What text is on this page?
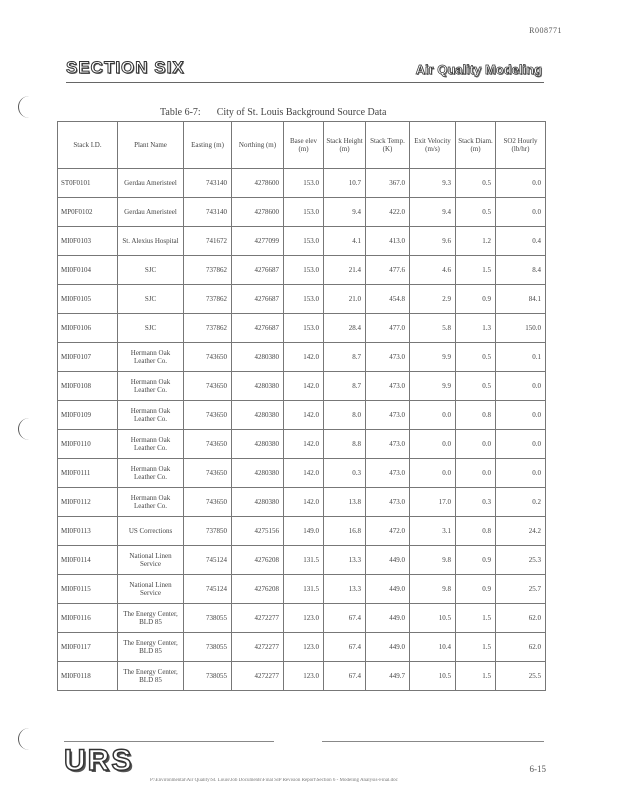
R008771
SECTION SIX	Air Quality Modeling
Table 6-7: City of St. Louis Background Source Data
Stack I.D.	Plant Name	Easting (m)	Northing (m)	Base elev (m)	Stack Height (m)	Stack Temp. (K)	Exit Velocity (m/s)	Stack Diam. (m)	SO2 Hourly (lb/hr)
ST0F0101	Gerdau Ameristeel	743140	4278600	153.0	10.7	367.0	9.3	0.5	0.0
MP0F0102	Gerdau Ameristeel	743140	4278600	153.0	9.4	422.0	9.4	0.5	0.0
MI0F0103	St. Alexius Hospital	741672	4277099	153.0	4.1	413.0	9.6	1.2	0.4
MI0F0104	SJC	737862	4276687	153.0	21.4	477.6	4.6	1.5	8.4
MI0F0105	SJC	737862	4276687	153.0	21.0	454.8	2.9	0.9	84.1
MI0F0106	SJC	737862	4276687	153.0	28.4	477.0	5.8	1.3	150.0
MI0F0107	Hermann Oak Leather Co.	743650	4280380	142.0	8.7	473.0	9.9	0.5	0.1
MI0F0108	Hermann Oak Leather Co.	743650	4280380	142.0	8.7	473.0	9.9	0.5	0.0
MI0F0109	Hermann Oak Leather Co.	743650	4280380	142.0	8.0	473.0	0.0	0.8	0.0
MI0F0110	Hermann Oak Leather Co.	743650	4280380	142.0	8.8	473.0	0.0	0.0	0.0
MI0F0111	Hermann Oak Leather Co.	743650	4280380	142.0	0.3	473.0	0.0	0.0	0.0
MI0F0112	Hermann Oak Leather Co.	743650	4280380	142.0	13.8	473.0	17.0	0.3	0.2
MI0F0113	US Corrections	737850	4275156	149.0	16.8	472.0	3.1	0.8	24.2
MI0F0114	National Linen Service	745124	4276208	131.5	13.3	449.0	9.8	0.9	25.3
MI0F0115	National Linen Service	745124	4276208	131.5	13.3	449.0	9.8	0.9	25.7
MI0F0116	The Energy Center, BLD 85	738055	4272277	123.0	67.4	449.0	10.5	1.5	62.0
MI0F0117	The Energy Center, BLD 85	738055	4272277	123.0	67.4	449.0	10.4	1.5	62.0
MI0F0118	The Energy Center, BLD 85	738055	4272277	123.0	67.4	449.7	10.5	1.5	25.5
URS	6-15
P:\Environmental\Air Quality\St. Louis\Job Documents\Final SIP Revision Report\Section 6 - Modeling Analysis-Final.doc
